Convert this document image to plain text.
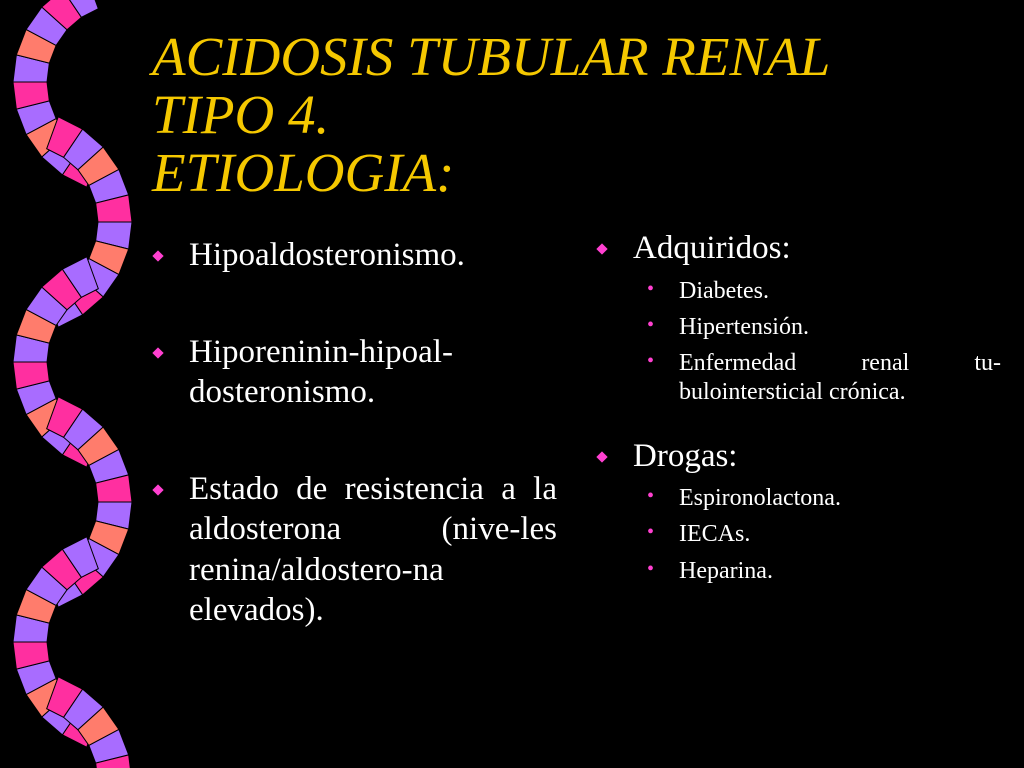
ACIDOSIS TUBULAR RENAL
TIPO 4.
ETIOLOGIA:
Hipoaldosteronismo.
Hiporeninin-hipoal-dosteronismo.
Estado de resistencia a la aldosterona (nive-les renina/aldostero-na elevados).
Adquiridos:
• Diabetes.
• Hipertensión.
• Enfermedad renal tu-bulointersticial crónica.
Drogas:
• Espironolactona.
• IECAs.
• Heparina.
